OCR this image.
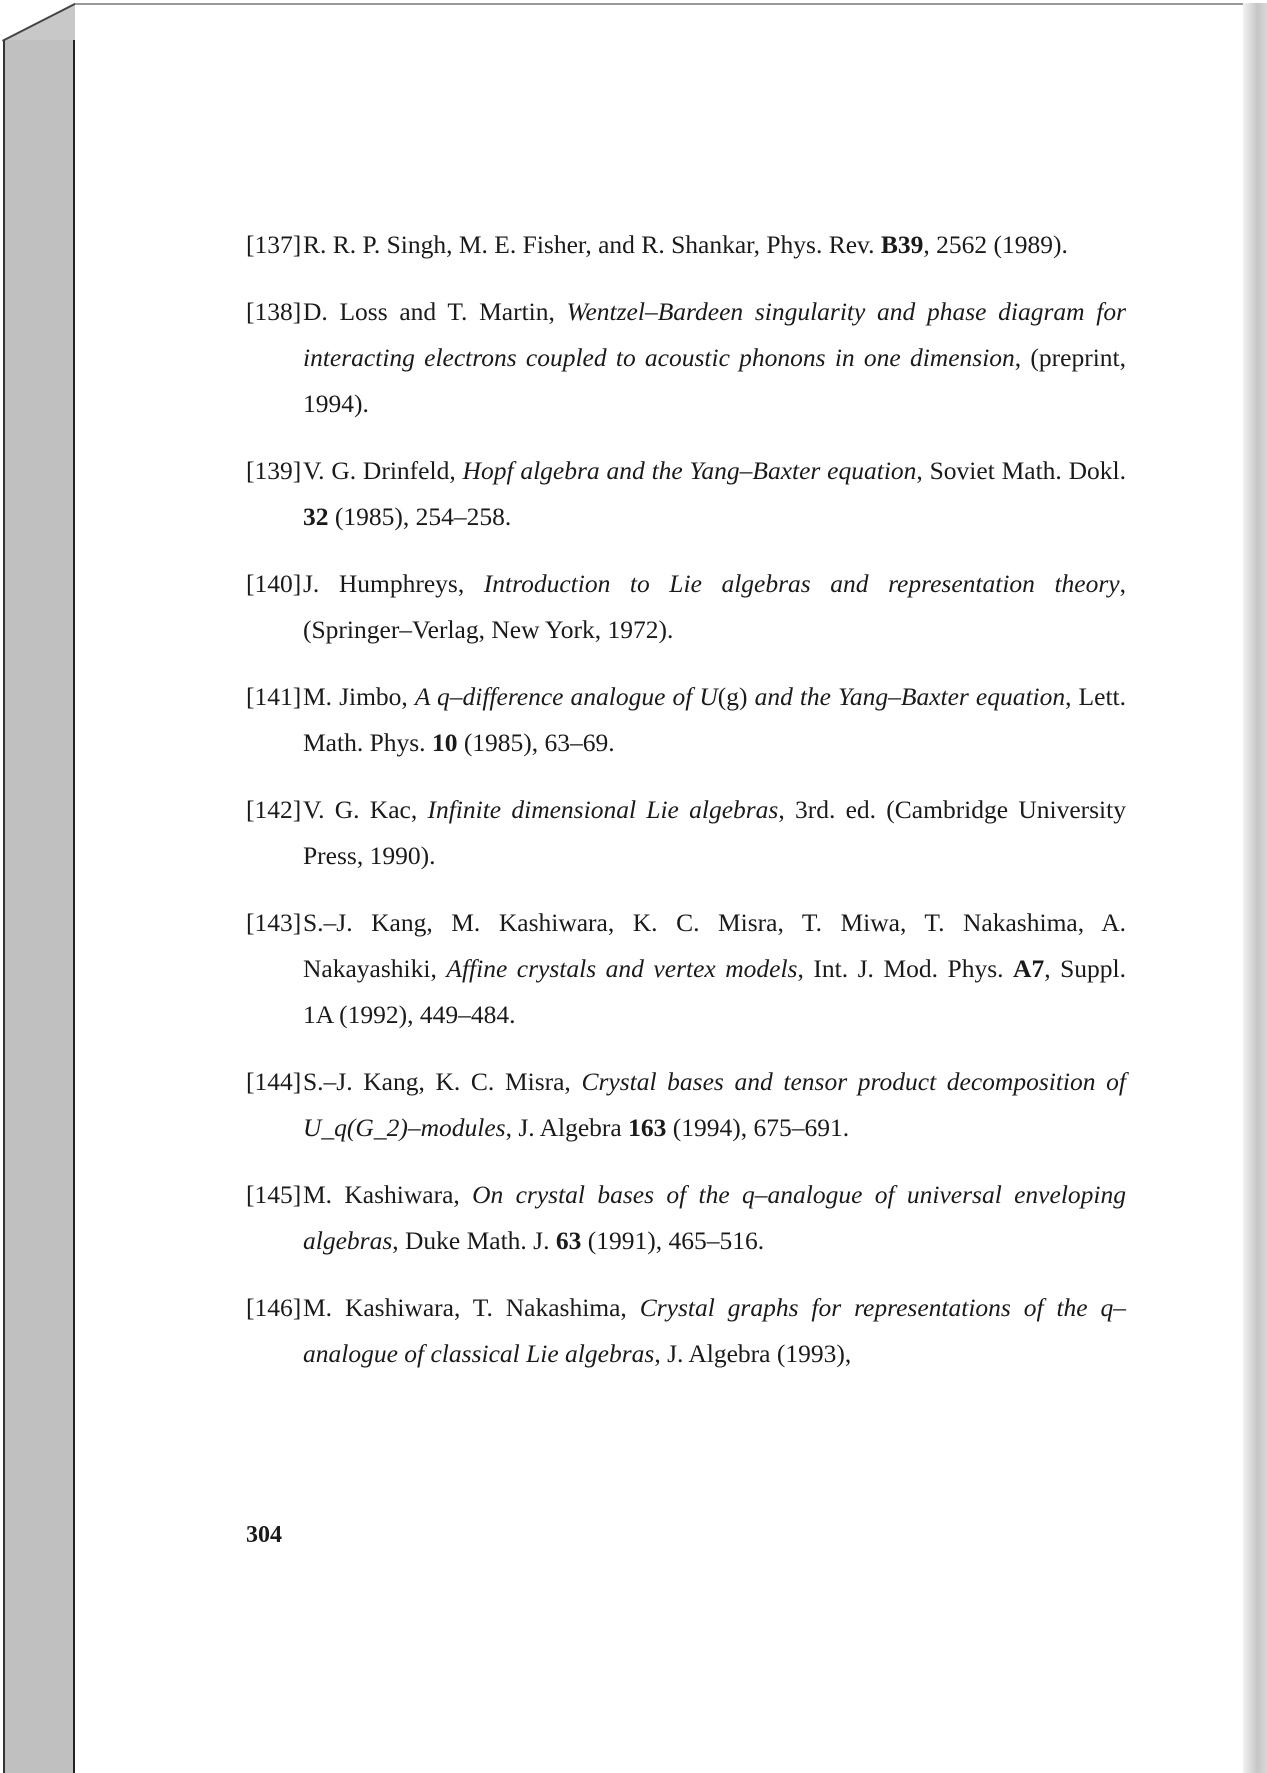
[137]R. R. P. Singh, M. E. Fisher, and R. Shankar, Phys. Rev. B39, 2562 (1989).
[138]D. Loss and T. Martin, Wentzel–Bardeen singularity and phase diagram for interacting electrons coupled to acoustic phonons in one dimension, (preprint, 1994).
[139]V. G. Drinfeld, Hopf algebra and the Yang–Baxter equation, Soviet Math. Dokl. 32 (1985), 254–258.
[140]J. Humphreys, Introduction to Lie algebras and representation theory, (Springer–Verlag, New York, 1972).
[141]M. Jimbo, A q–difference analogue of U(g) and the Yang–Baxter equation, Lett. Math. Phys. 10 (1985), 63–69.
[142]V. G. Kac, Infinite dimensional Lie algebras, 3rd. ed. (Cambridge University Press, 1990).
[143]S.–J. Kang, M. Kashiwara, K. C. Misra, T. Miwa, T. Nakashima, A. Nakayashiki, Affine crystals and vertex models, Int. J. Mod. Phys. A7, Suppl. 1A (1992), 449–484.
[144]S.–J. Kang, K. C. Misra, Crystal bases and tensor product decomposition of U_q(G_2)–modules, J. Algebra 163 (1994), 675–691.
[145]M. Kashiwara, On crystal bases of the q–analogue of universal enveloping algebras, Duke Math. J. 63 (1991), 465–516.
[146]M. Kashiwara, T. Nakashima, Crystal graphs for representations of the q–analogue of classical Lie algebras, J. Algebra (1993),
304
